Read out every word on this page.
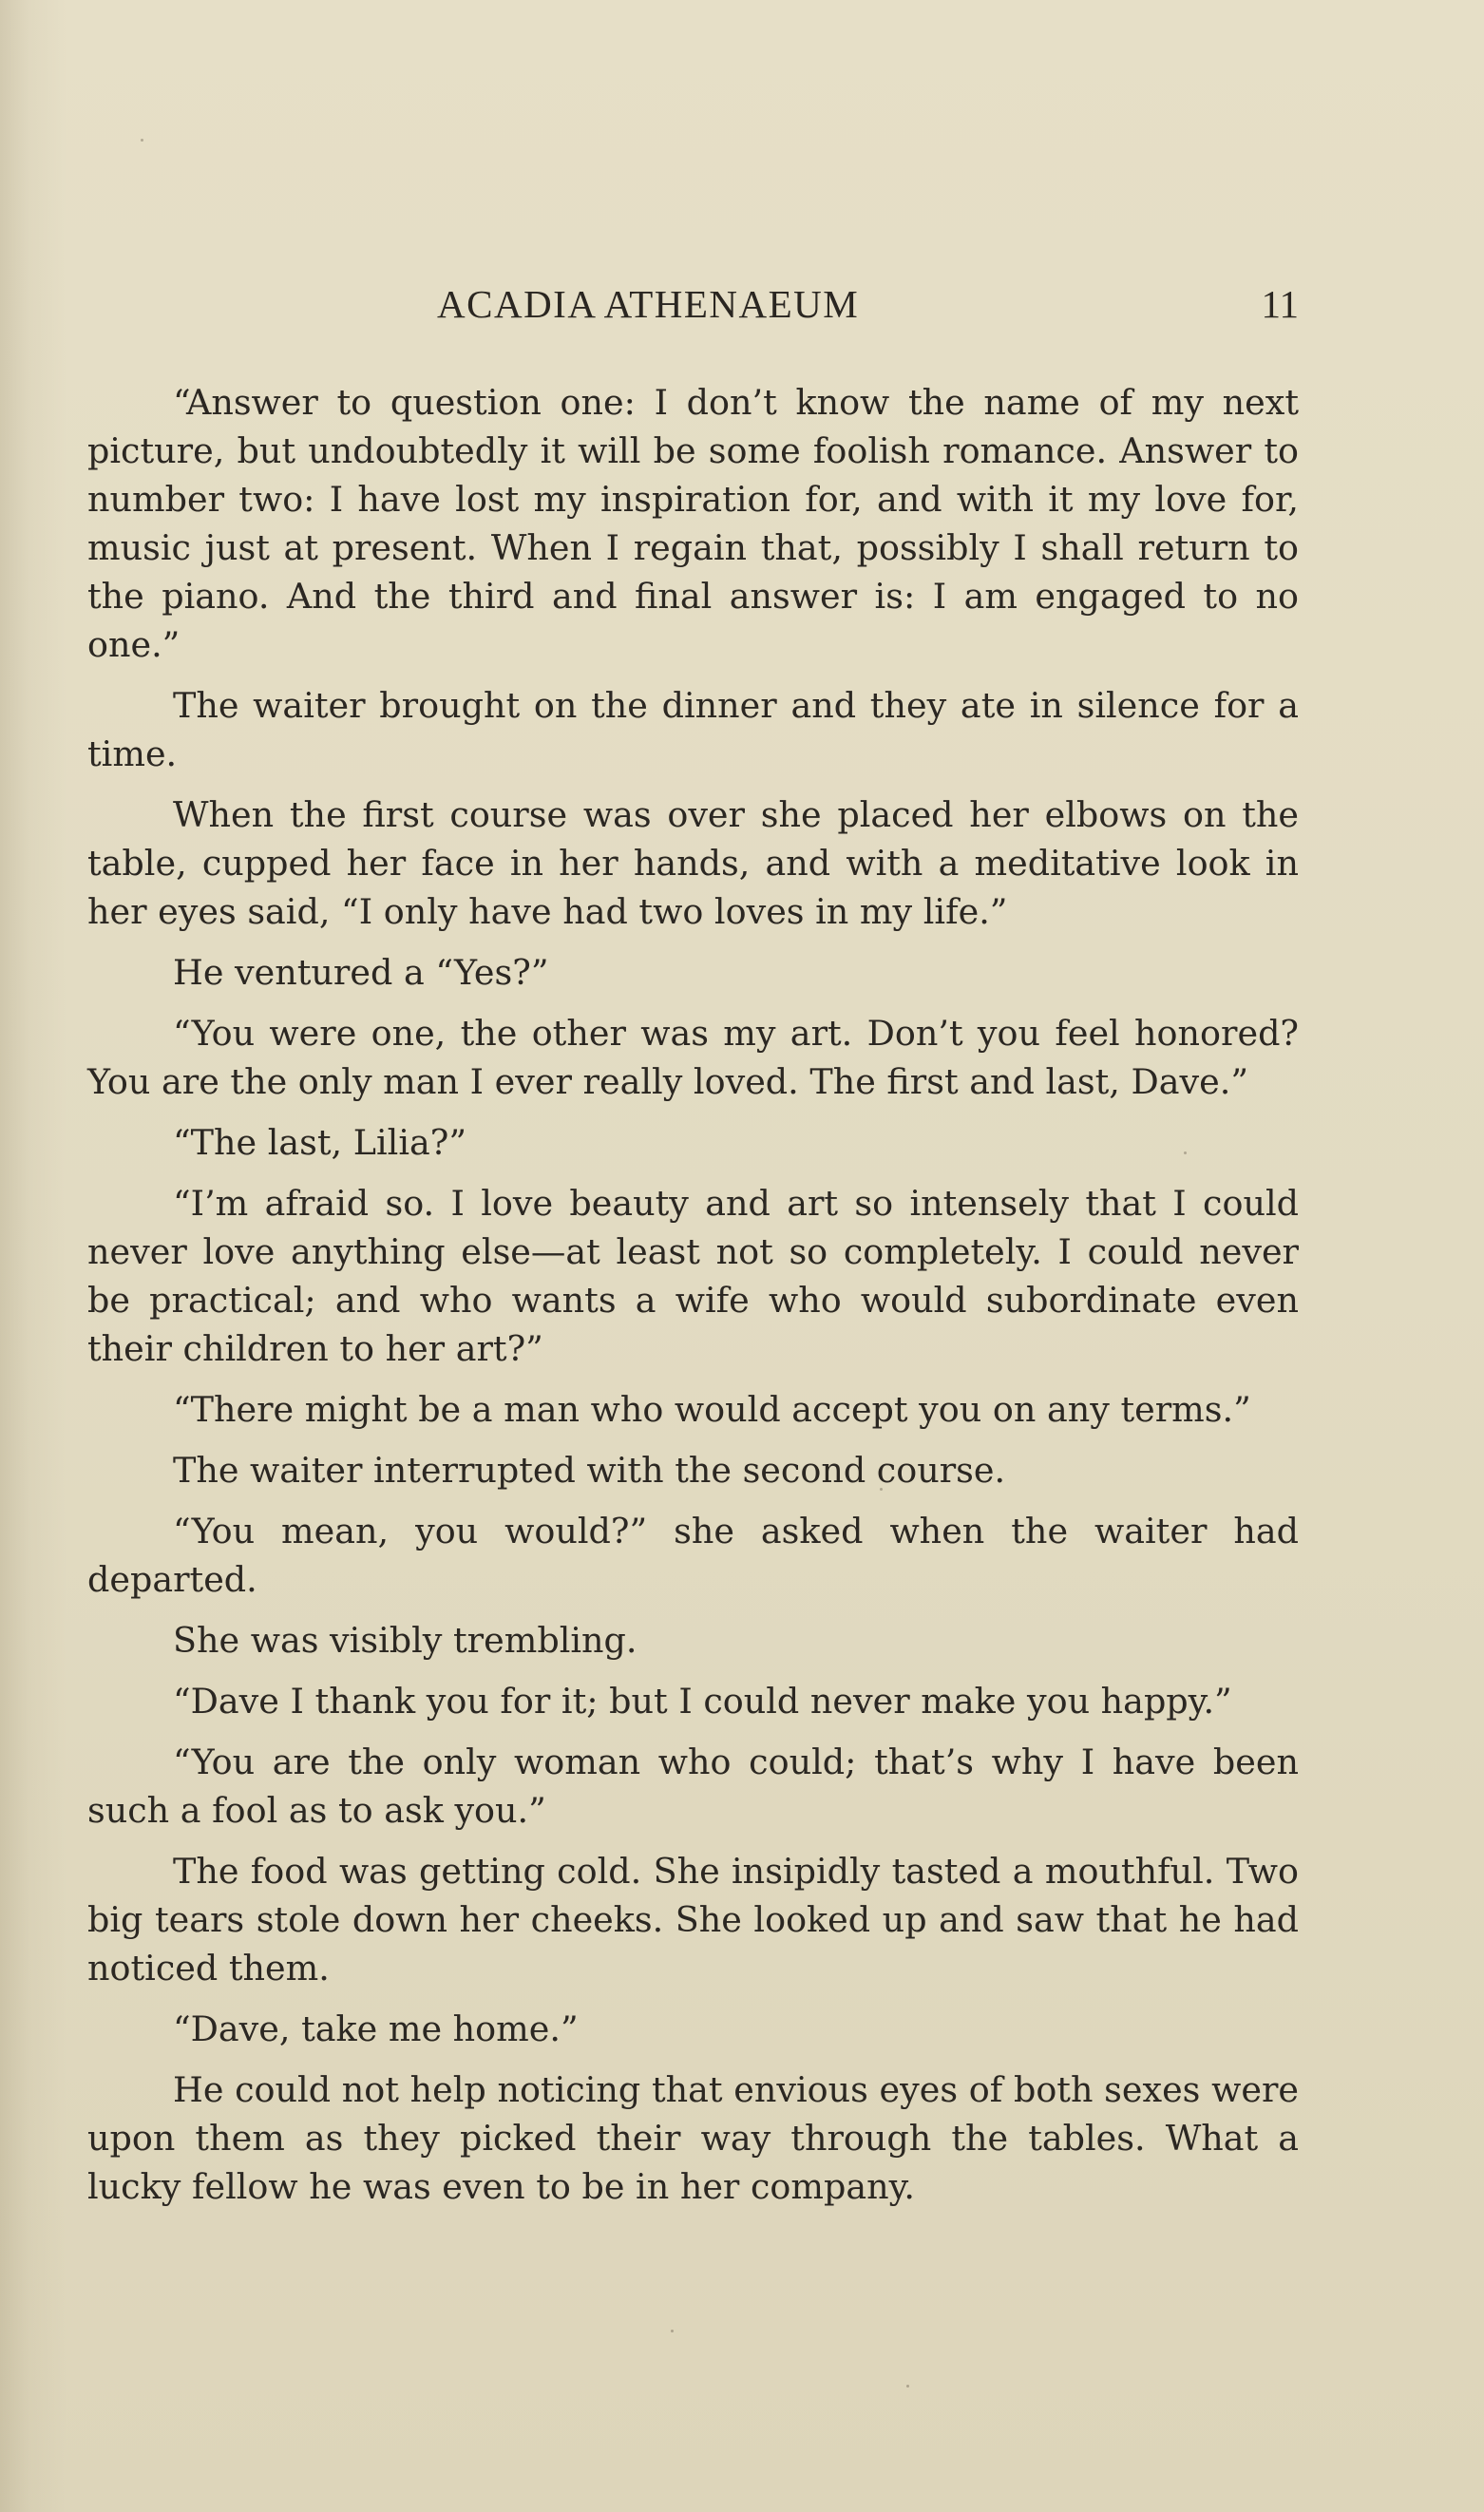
ACADIA ATHENAEUM	11

“Answer to question one: I don’t know the name of my next picture, but undoubtedly it will be some foolish romance. Answer to number two: I have lost my inspiration for, and with it my love for, music just at present. When I regain that, possibly I shall return to the piano. And the third and final answer is: I am engaged to no one.”

The waiter brought on the dinner and they ate in silence for a time.

When the first course was over she placed her elbows on the table, cupped her face in her hands, and with a meditative look in her eyes said, “I only have had two loves in my life.”

He ventured a “Yes?”

“You were one, the other was my art. Don’t you feel honored? You are the only man I ever really loved. The first and last, Dave.”

“The last, Lilia?”

“I’m afraid so. I love beauty and art so intensely that I could never love anything else—at least not so completely. I could never be practical; and who wants a wife who would subordinate even their children to her art?”

“There might be a man who would accept you on any terms.”

The waiter interrupted with the second course.

“You mean, you would?” she asked when the waiter had departed.

She was visibly trembling.

“Dave I thank you for it; but I could never make you happy.”

“You are the only woman who could; that’s why I have been such a fool as to ask you.”

The food was getting cold. She insipidly tasted a mouthful. Two big tears stole down her cheeks. She looked up and saw that he had noticed them.

“Dave, take me home.”

He could not help noticing that envious eyes of both sexes were upon them as they picked their way through the tables. What a lucky fellow he was even to be in her company.
